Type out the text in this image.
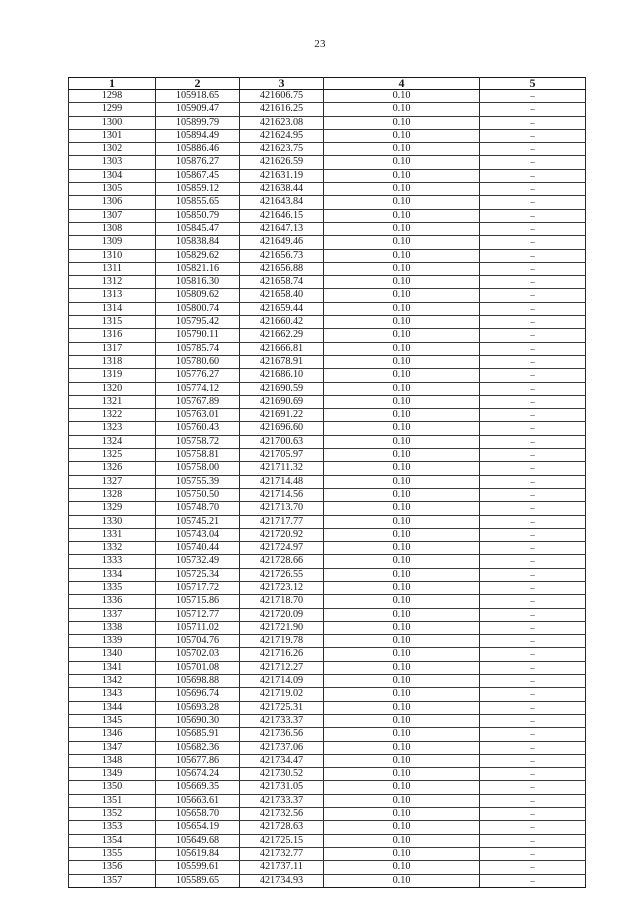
23
1	2	3	4	5
1298	105918.65	421606.75	0.10	–
1299	105909.47	421616.25	0.10	–
1300	105899.79	421623.08	0.10	–
1301	105894.49	421624.95	0.10	–
1302	105886.46	421623.75	0.10	–
1303	105876.27	421626.59	0.10	–
1304	105867.45	421631.19	0.10	–
1305	105859.12	421638.44	0.10	–
1306	105855.65	421643.84	0.10	–
1307	105850.79	421646.15	0.10	–
1308	105845.47	421647.13	0.10	–
1309	105838.84	421649.46	0.10	–
1310	105829.62	421656.73	0.10	–
1311	105821.16	421656.88	0.10	–
1312	105816.30	421658.74	0.10	–
1313	105809.62	421658.40	0.10	–
1314	105800.74	421659.44	0.10	–
1315	105795.42	421660.42	0.10	–
1316	105790.11	421662.29	0.10	–
1317	105785.74	421666.81	0.10	–
1318	105780.60	421678.91	0.10	–
1319	105776.27	421686.10	0.10	–
1320	105774.12	421690.59	0.10	–
1321	105767.89	421690.69	0.10	–
1322	105763.01	421691.22	0.10	–
1323	105760.43	421696.60	0.10	–
1324	105758.72	421700.63	0.10	–
1325	105758.81	421705.97	0.10	–
1326	105758.00	421711.32	0.10	–
1327	105755.39	421714.48	0.10	–
1328	105750.50	421714.56	0.10	–
1329	105748.70	421713.70	0.10	–
1330	105745.21	421717.77	0.10	–
1331	105743.04	421720.92	0.10	–
1332	105740.44	421724.97	0.10	–
1333	105732.49	421728.66	0.10	–
1334	105725.34	421726.55	0.10	–
1335	105717.72	421723.12	0.10	–
1336	105715.86	421718.70	0.10	–
1337	105712.77	421720.09	0.10	–
1338	105711.02	421721.90	0.10	–
1339	105704.76	421719.78	0.10	–
1340	105702.03	421716.26	0.10	–
1341	105701.08	421712.27	0.10	–
1342	105698.88	421714.09	0.10	–
1343	105696.74	421719.02	0.10	–
1344	105693.28	421725.31	0.10	–
1345	105690.30	421733.37	0.10	–
1346	105685.91	421736.56	0.10	–
1347	105682.36	421737.06	0.10	–
1348	105677.86	421734.47	0.10	–
1349	105674.24	421730.52	0.10	–
1350	105669.35	421731.05	0.10	–
1351	105663.61	421733.37	0.10	–
1352	105658.70	421732.56	0.10	–
1353	105654.19	421728.63	0.10	–
1354	105649.68	421725.15	0.10	–
1355	105619.84	421732.77	0.10	–
1356	105599.61	421737.11	0.10	–
1357	105589.65	421734.93	0.10	–
